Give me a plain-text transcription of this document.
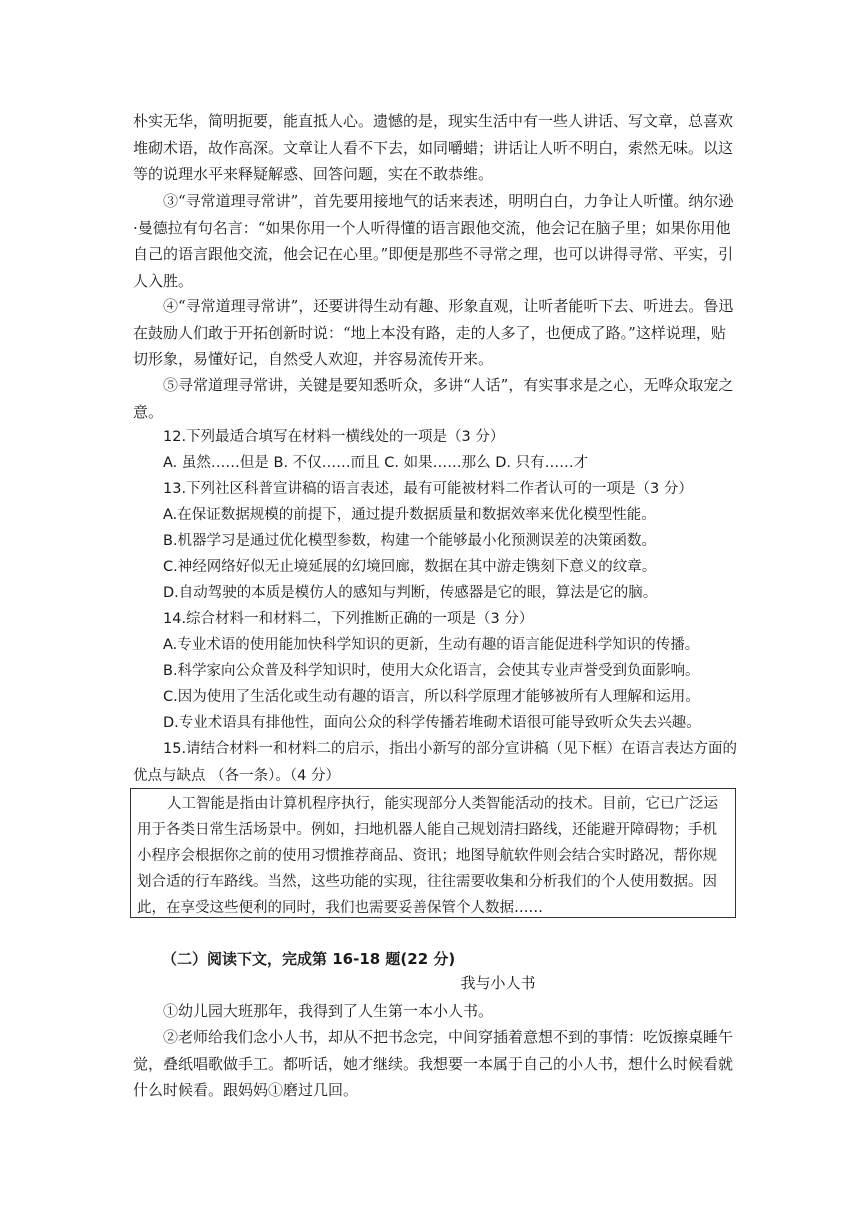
朴实无华，简明扼要，能直抵人心。遗憾的是，现实生活中有一些人讲话、写文章，总喜欢堆砌术语，故作高深。文章让人看不下去，如同嚼蜡；讲话让人听不明白，索然无味。以这等的说理水平来释疑解惑、回答问题，实在不敢恭维。

③“寻常道理寻常讲”，首先要用接地气的话来表述，明明白白，力争让人听懂。纳尔逊·曼德拉有句名言：“如果你用一个人听得懂的语言跟他交流，他会记在脑子里；如果你用他自己的语言跟他交流，他会记在心里。”即便是那些不寻常之理，也可以讲得寻常、平实，引人入胜。

④“寻常道理寻常讲”，还要讲得生动有趣、形象直观，让听者能听下去、听进去。鲁迅在鼓励人们敢于开拓创新时说：“地上本没有路，走的人多了，也便成了路。”这样说理，贴切形象，易懂好记，自然受人欢迎，并容易流传开来。

⑤寻常道理寻常讲，关键是要知悉听众，多讲“人话”，有实事求是之心，无哗众取宠之意。

12.下列最适合填写在材料一横线处的一项是（3 分）

A. 虽然……但是 B. 不仅……而且 C. 如果……那么 D. 只有……才

13.下列社区科普宣讲稿的语言表述，最有可能被材料二作者认可的一项是（3 分）

A.在保证数据规模的前提下，通过提升数据质量和数据效率来优化模型性能。

B.机器学习是通过优化模型参数，构建一个能够最小化预测误差的决策函数。

C.神经网络好似无止境延展的幻境回廊，数据在其中游走镌刻下意义的纹章。

D.自动驾驶的本质是模仿人的感知与判断，传感器是它的眼，算法是它的脑。

14.综合材料一和材料二，下列推断正确的一项是（3 分）

A.专业术语的使用能加快科学知识的更新，生动有趣的语言能促进科学知识的传播。

B.科学家向公众普及科学知识时，使用大众化语言，会使其专业声誉受到负面影响。

C.因为使用了生活化或生动有趣的语言，所以科学原理才能够被所有人理解和运用。

D.专业术语具有排他性，面向公众的科学传播若堆砌术语很可能导致听众失去兴趣。

15.请结合材料一和材料二的启示，指出小新写的部分宣讲稿（见下框）在语言表达方面的优点与缺点 （各一条）。（4 分）

人工智能是指由计算机程序执行，能实现部分人类智能活动的技术。目前，它已广泛运用于各类日常生活场景中。例如，扫地机器人能自己规划清扫路线，还能避开障碍物；手机小程序会根据你之前的使用习惯推荐商品、资讯；地图导航软件则会结合实时路况，帮你规划合适的行车路线。当然，这些功能的实现，往往需要收集和分析我们的个人使用数据。因此，在享受这些便利的同时，我们也需要妥善保管个人数据……

（二）阅读下文，完成第 16-18 题(22 分)
我与小人书

①幼儿园大班那年，我得到了人生第一本小人书。

②老师给我们念小人书，却从不把书念完，中间穿插着意想不到的事情：吃饭擦桌睡午觉，叠纸唱歌做手工。都听话，她才继续。我想要一本属于自己的小人书，想什么时候看就什么时候看。跟妈妈①磨过几回。
